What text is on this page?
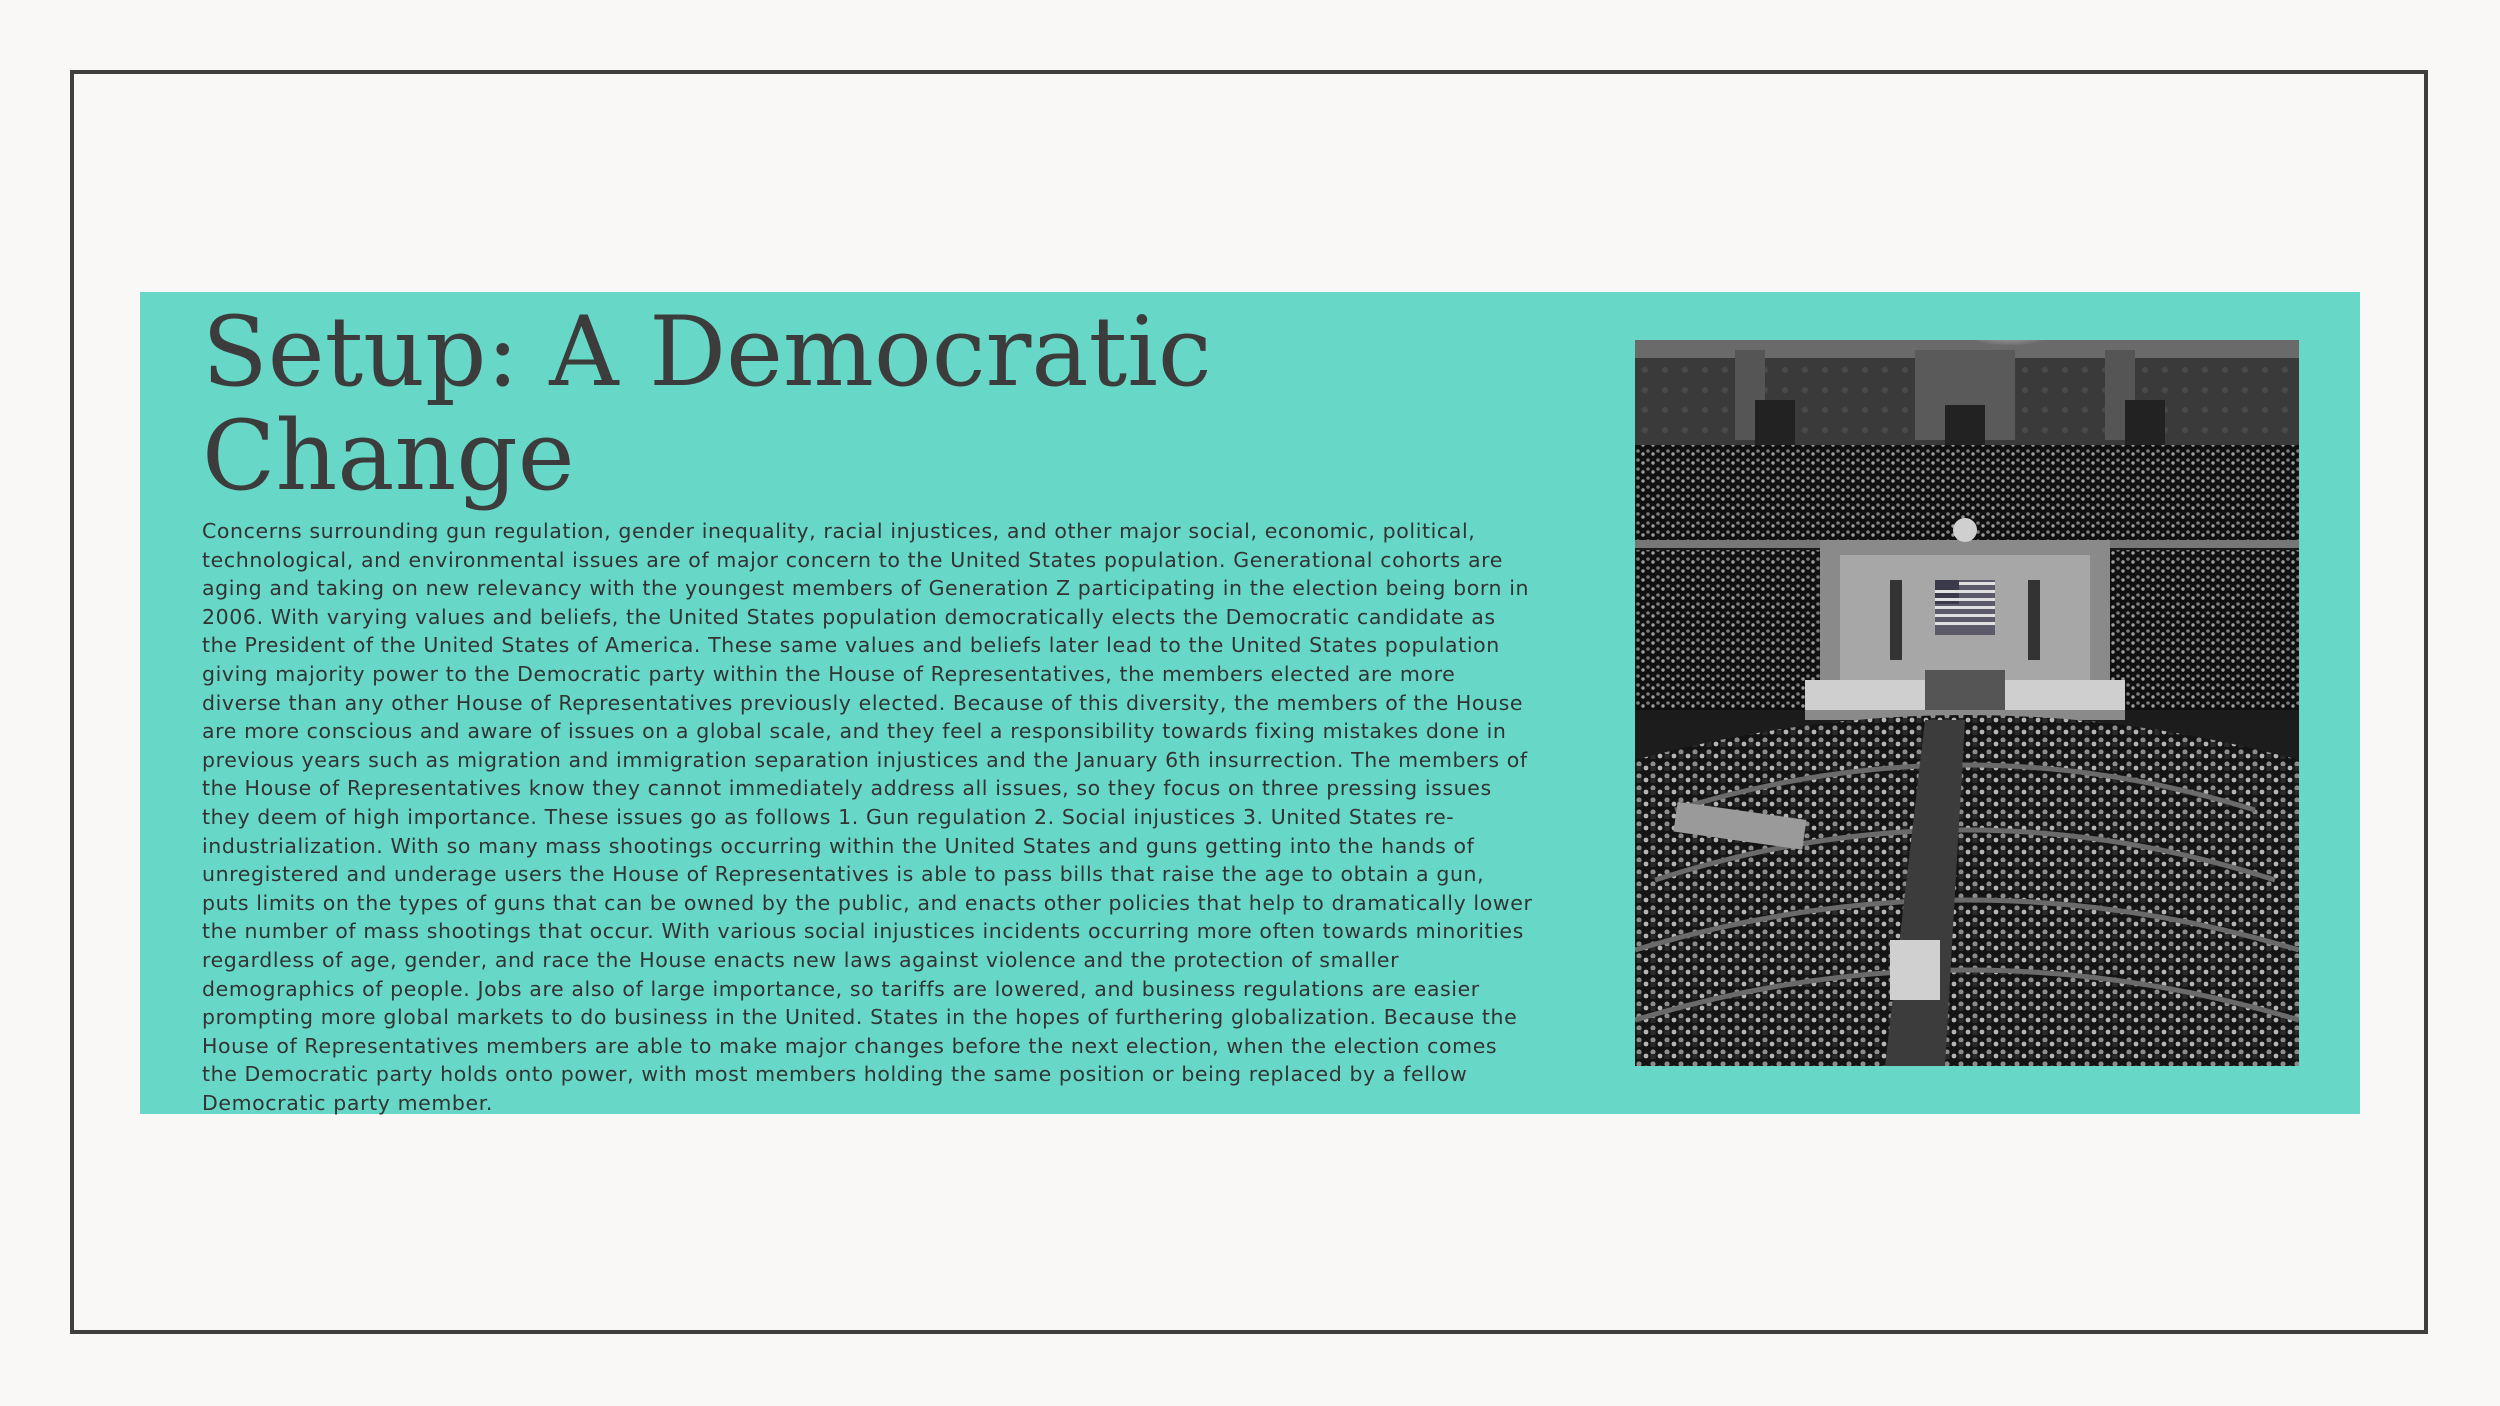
Setup: A Democratic Change

Concerns surrounding gun regulation, gender inequality, racial injustices, and other major social, economic, political, technological, and environmental issues are of major concern to the United States population. Generational cohorts are aging and taking on new relevancy with the youngest members of Generation Z participating in the election being born in 2006. With varying values and beliefs, the United States population democratically elects the Democratic candidate as the President of the United States of America. These same values and beliefs later lead to the United States population giving majority power to the Democratic party within the House of Representatives, the members elected are more diverse than any other House of Representatives previously elected. Because of this diversity, the members of the House are more conscious and aware of issues on a global scale, and they feel a responsibility towards fixing mistakes done in previous years such as migration and immigration separation injustices and the January 6th insurrection. The members of the House of Representatives know they cannot immediately address all issues, so they focus on three pressing issues they deem of high importance. These issues go as follows 1. Gun regulation 2. Social injustices 3. United States re-industrialization. With so many mass shootings occurring within the United States and guns getting into the hands of unregistered and underage users the House of Representatives is able to pass bills that raise the age to obtain a gun, puts limits on the types of guns that can be owned by the public, and enacts other policies that help to dramatically lower the number of mass shootings that occur. With various social injustices incidents occurring more often towards minorities regardless of age, gender, and race the House enacts new laws against violence and the protection of smaller demographics of people. Jobs are also of large importance, so tariffs are lowered, and business regulations are easier prompting more global markets to do business in the United. States in the hopes of furthering globalization. Because the House of Representatives members are able to make major changes before the next election, when the election comes the Democratic party holds onto power, with most members holding the same position or being replaced by a fellow Democratic party member.
